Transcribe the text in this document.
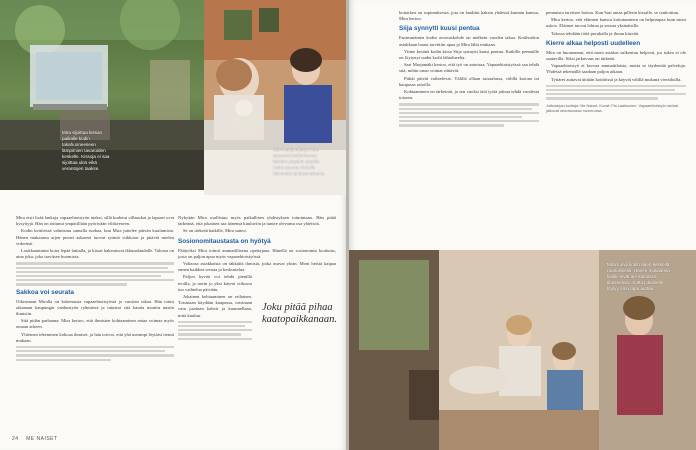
Mira sijoittaa kissan paikalle kodin takahuoneeseen lämpimien tavaroiden keskelle. Kissoja ei saa sijoittaa ulos eikä verantojen taakse.
Sari Marjamäki ja Mira tapaavat kotihoivassa keittiön pöydän äärellä. Koira seuraa vierellä tilannetta tarkkaavaisena.

Mira etsii lisää lankoja vapaaehtoistyön tueksi, sillä kudotut villasukat ja lapaset ovat kysyttyjä. Hän on tottunut ympärillään pyörivään vilskeeseen.

Kodin keittiössä valmistuu samalla ruokaa, kun Mira juttelee päivän kuulumisia. Hänen mukaansa arjen pienet askareet tuovat rytmiä viikkoon ja pitävät mielen virkeänä.

Loukkaantunut koira lepää lattialla, ja kissat hakeutuvat ikkunalaudalle. Talossa on aina joku, joka tarvitsee huomiota.

Sakkoa voi seurata

Oikeastaan Miralla on kokemusta vapaaehtoistyöstä jo vuosien takaa. Hän toimi aikanaan kaupungin vanhustyön ryhmässä ja tutustui sitä kautta moniin uusiin ihmisiin.

Sitä pidän parhaana: Mira kertoo, että ihmisten kohtaaminen antaa voimaa myös omaan arkeen.

Yhteinen tekeminen kokoaa ihmiset, ja hän toivoo, että yhä useampi löytäisi tiensä mukaan.

Nykyään Mira osallistuu myös paikallisen yhdistyksen toimintaan. Hän pitää tärkeänä, että jokainen saa äänensä kuuluviin ja tuntee olevansa osa yhteisöä.

Se on tärkeää kaikille, Mira sanoo.

Sosionomitaustasta on hyötyä

Päätyöksi Mira toimii ammatillisena opettajana. Hänellä on sosionomin koulutus, josta on paljon apua myös vapaaehtoistyössä.

Valtaosa asiakkaista on iäkkäitä ihmisiä, jotka asuvat yksin. Moni heistä kaipaa ennen kaikkea seuraa ja keskustelua.

Paljon hyvää voi tehdä pienillä teoilla, ja usein jo yksi käynti viikossa tuo vaihtelua päivään.

Jokainen kohtaaminen on erilainen. Toisinaan käydään kaupassa, toisinaan vain juodaan kahvit ja kuunnellaan, mitä kuuluu.

Joku pitää pihaa kaatopaikkanaan.
24 ME NAISET

kotiarkea on sopimuksesta, jota on laadittu kaksin yhdessä kunnan kanssa, Mira kertoo.

Siija synnytti kuusi pentua

Ensimmäinen kodin avustuskohde on melkein vuoden takaa. Kotihoidon asiakkaan luona tarvittiin apua ja Mira lähti mukaan.

Viime kesänä kodin kissa Siija synnytti kuusi pentua. Kaikille pennuille on löytynyt uudet kodit lähialueelta.

Sari Marjamäki kertoo, että työ on antoisaa. Vapaaehtoistyössä saa tehdä sitä, mihin omat voimat riittävät.

Pitkät päivät vaihtelevat. Välillä ollaan sairaalassa, välillä kotona tai kaupassa asioilla.

Kohtaaminen on tärkeintä, ja sen vuoksi tätä työtä jaksaa tehdä vuodesta toiseen.

pennuista tarvitsee hoitoa. Kun Sari antaa pillerin kissalle, se rauhoittuu.

Mira kertoo, että eläinten kanssa kotiutuminen on helpompaa kuin moni uskoo. Eläimet tuovat lohtua ja seuraa yksinäisille.

Talossa tehdään töitä porukalla ja ilman kiirettä.

Kierre alkaa helposti uudelleen

Mira on huomannut, että moni asiakas sulkeutuu helposti, jos tukea ei ole saatavilla. Siksi jatkuvuus on tärkeää.

Vapaaehtoistyö ei korvaa ammattilaisia, mutta se täydentää palveluja. Yhdessä tekemällä saadaan paljon aikaan.

Tyttäret auttavat äitiään kotitöissä ja käyvät välillä mukana vierailuilla.

Juttusarjan tuottaja: Me Naiset. Kuvat: Pia Laaksonen. Vapaaehtoistyön tarinat jatkuvat seuraavassa numerossa.
Mira luovii kodin arjen keskellä rauhallisesti. Hänen mukaansa kaikki eivät ole samassa tilanteessa, mutta jokaiselle löytyy oma tapa auttaa.
